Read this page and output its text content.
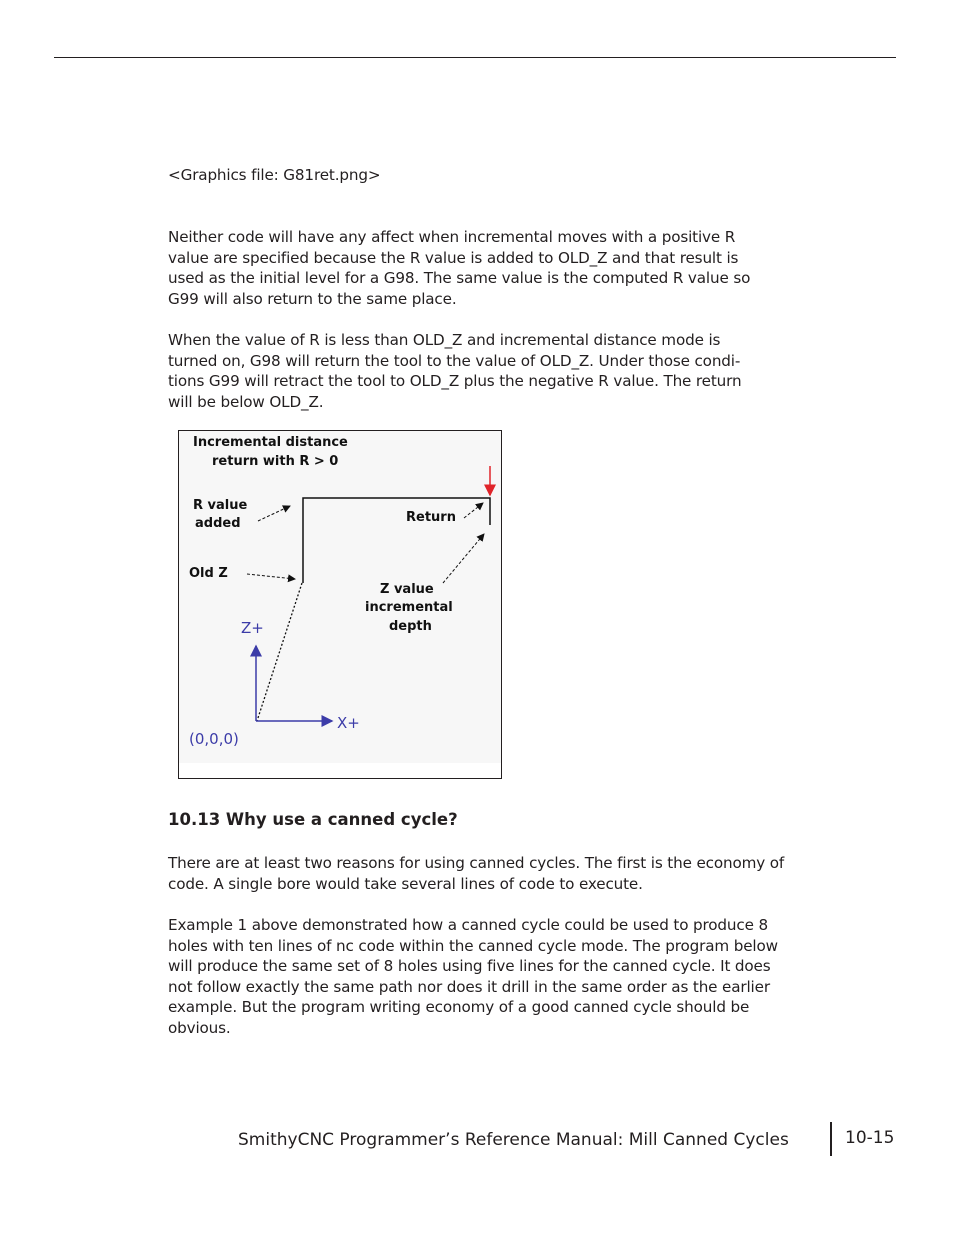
<Graphics file: G81ret.png>

Neither code will have any affect when incremental moves with a positive R value are specified because the R value is added to OLD_Z and that result is used as the initial level for a G98. The same value is the computed R value so G99 will also return to the same place.

When the value of R is less than OLD_Z and incremental distance mode is turned on, G98 will return the tool to the value of OLD_Z. Under those condi-tions G99 will retract the tool to OLD_Z plus the negative R value. The return will be below OLD_Z.

Incremental distance
return with R > 0
R value
added
Old Z
Return
Z value
incremental
depth
Z+
X+
(0,0,0)
10.13 Why use a canned cycle?

There are at least two reasons for using canned cycles. The first is the economy of code. A single bore would take several lines of code to execute.

Example 1 above demonstrated how a canned cycle could be used to produce 8 holes with ten lines of nc code within the canned cycle mode. The program below will produce the same set of 8 holes using five lines for the canned cycle. It does not follow exactly the same path nor does it drill in the same order as the earlier example. But the program writing economy of a good canned cycle should be obvious.

SmithyCNC Programmer’s Reference Manual: Mill Canned Cycles	10-15
